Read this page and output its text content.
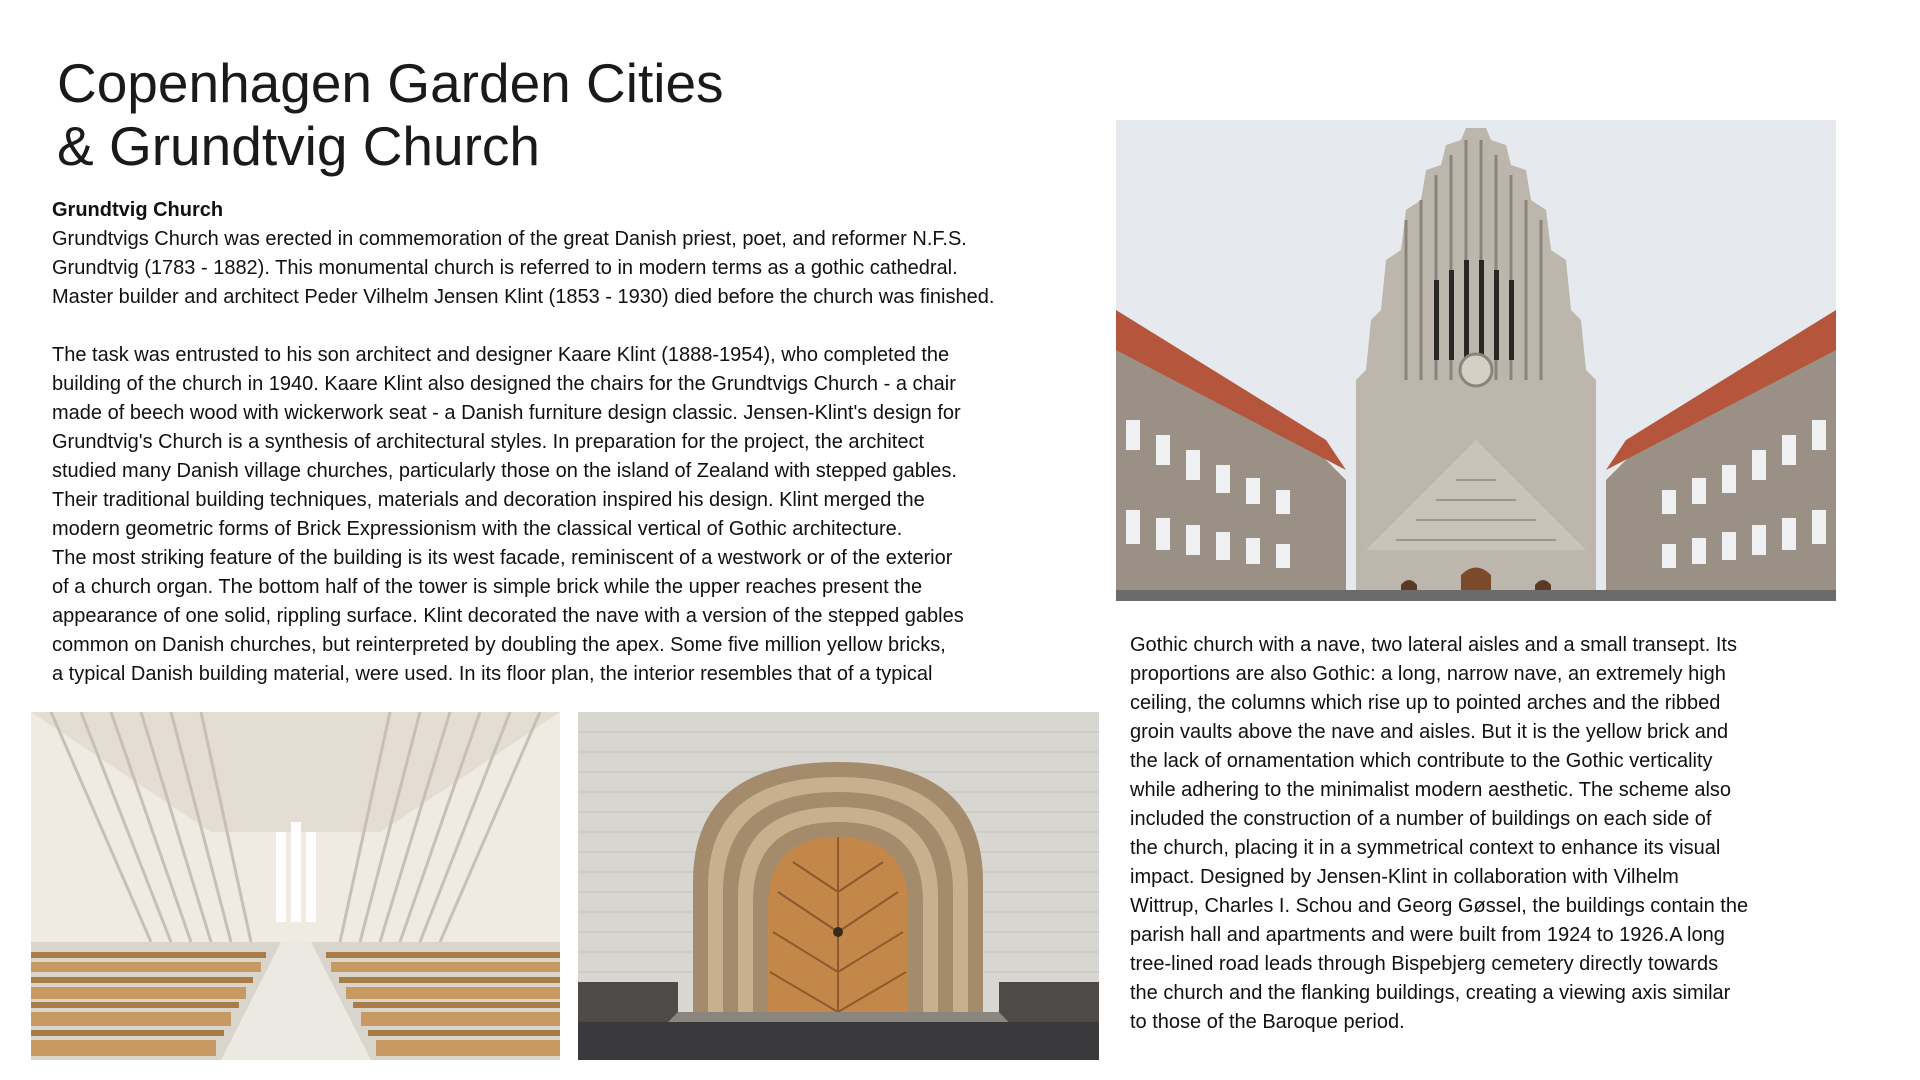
Copenhagen Garden Cities
& Grundtvig Church
Grundtvig Church

Grundtvigs Church was erected in commemoration of the great Danish priest, poet, and reformer N.F.S.
Grundtvig (1783 - 1882). This monumental church is referred to in modern terms as a gothic cathedral.
Master builder and architect Peder Vilhelm Jensen Klint (1853 - 1930) died before the church was finished.

The task was entrusted to his son architect and designer Kaare Klint (1888-1954), who completed the
building of the church in 1940. Kaare Klint also designed the chairs for the Grundtvigs Church - a chair
made of beech wood with wickerwork seat - a Danish furniture design classic. Jensen-Klint's design for
Grundtvig's Church is a synthesis of architectural styles. In preparation for the project, the architect
studied many Danish village churches, particularly those on the island of Zealand with stepped gables.
Their traditional building techniques, materials and decoration inspired his design. Klint merged the
modern geometric forms of Brick Expressionism with the classical vertical of Gothic architecture.
The most striking feature of the building is its west facade, reminiscent of a westwork or of the exterior
of a church organ. The bottom half of the tower is simple brick while the upper reaches present the
appearance of one solid, rippling surface. Klint decorated the nave with a version of the stepped gables
common on Danish churches, but reinterpreted by doubling the apex. Some five million yellow bricks,
a typical Danish building material, were used. In its floor plan, the interior resembles that of a typical

Gothic church with a nave, two lateral aisles and a small transept. Its
proportions are also Gothic: a long, narrow nave, an extremely high
ceiling, the columns which rise up to pointed arches and the ribbed
groin vaults above the nave and aisles. But it is the yellow brick and
the lack of ornamentation which contribute to the Gothic verticality
while adhering to the minimalist modern aesthetic. The scheme also
included the construction of a number of buildings on each side of
the church, placing it in a symmetrical context to enhance its visual
impact. Designed by Jensen-Klint in collaboration with Vilhelm
Wittrup, Charles I. Schou and Georg Gøssel, the buildings contain the
parish hall and apartments and were built from 1924 to 1926.A long
tree-lined road leads through Bispebjerg cemetery directly towards
the church and the flanking buildings, creating a viewing axis similar
to those of the Baroque period.
